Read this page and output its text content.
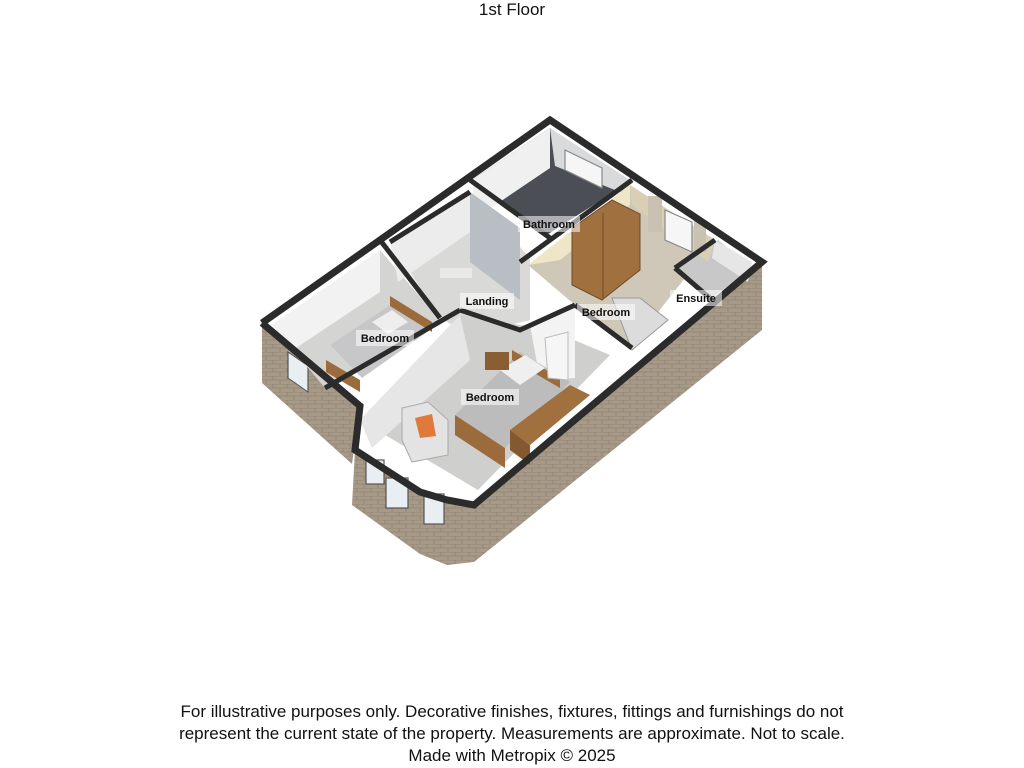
1st Floor
Bathroom
Landing
Bedroom
Bedroom
Bedroom
Ensuite
For illustrative purposes only. Decorative finishes, fixtures, fittings and furnishings do not
represent the current state of the property. Measurements are approximate. Not to scale.
Made with Metropix © 2025
